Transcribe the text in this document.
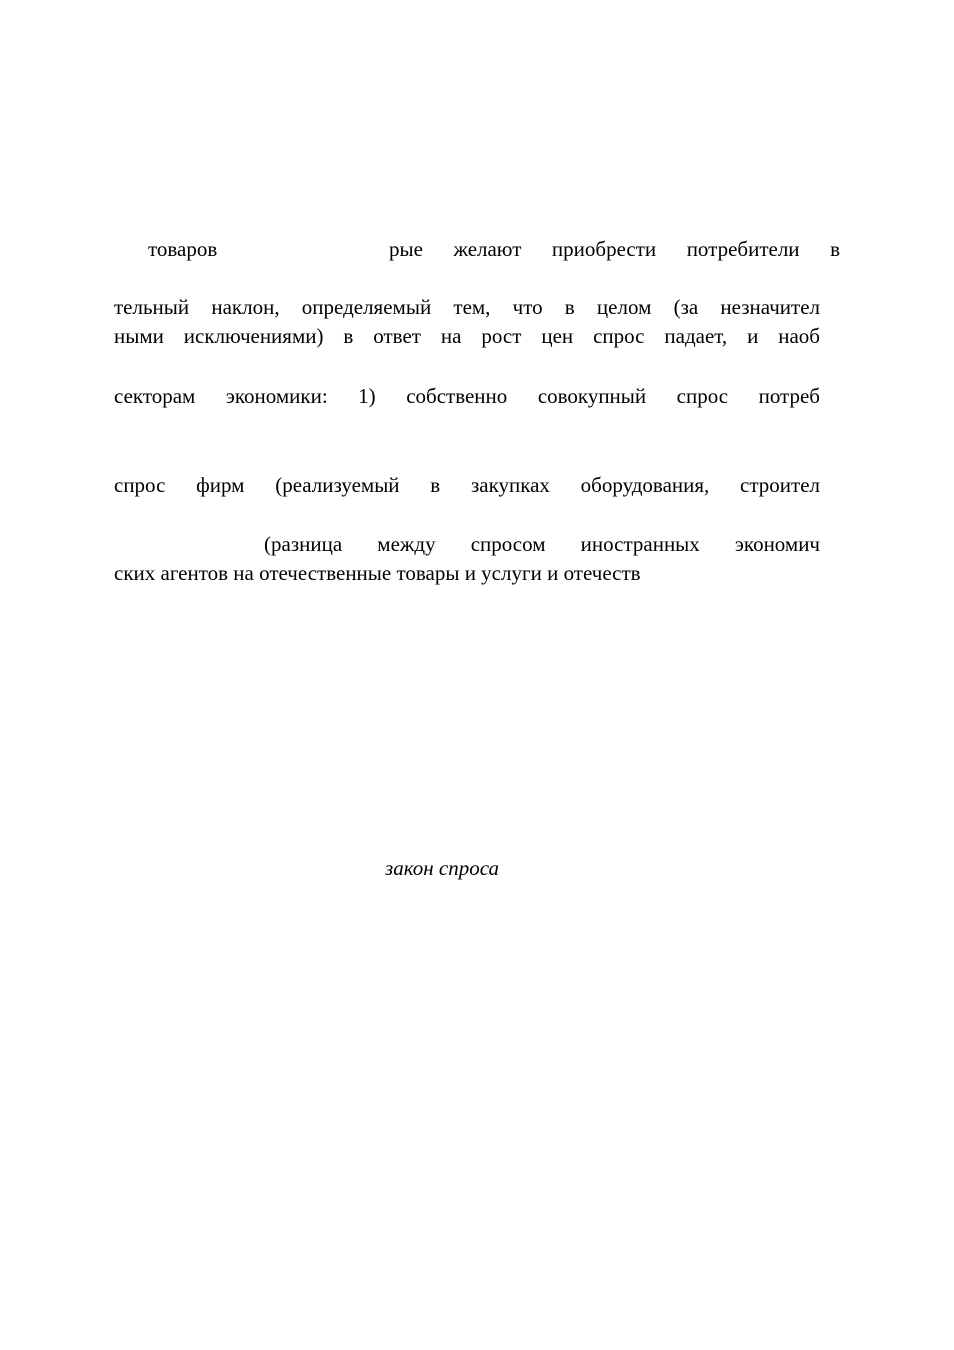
товаров	рые желают приобрести потребители в
тельный наклон, определяемый тем, что в целом (за незначител
ными исключениями) в ответ на рост цен спрос падает, и наоб
секторам экономики: 1) собственно совокупный спрос потреб
спрос фирм (реализуемый в закупках оборудования, строител
(разница между спросом иностранных экономич
ских агентов на отечественные товары и услуги и отечеств
закон спроса
